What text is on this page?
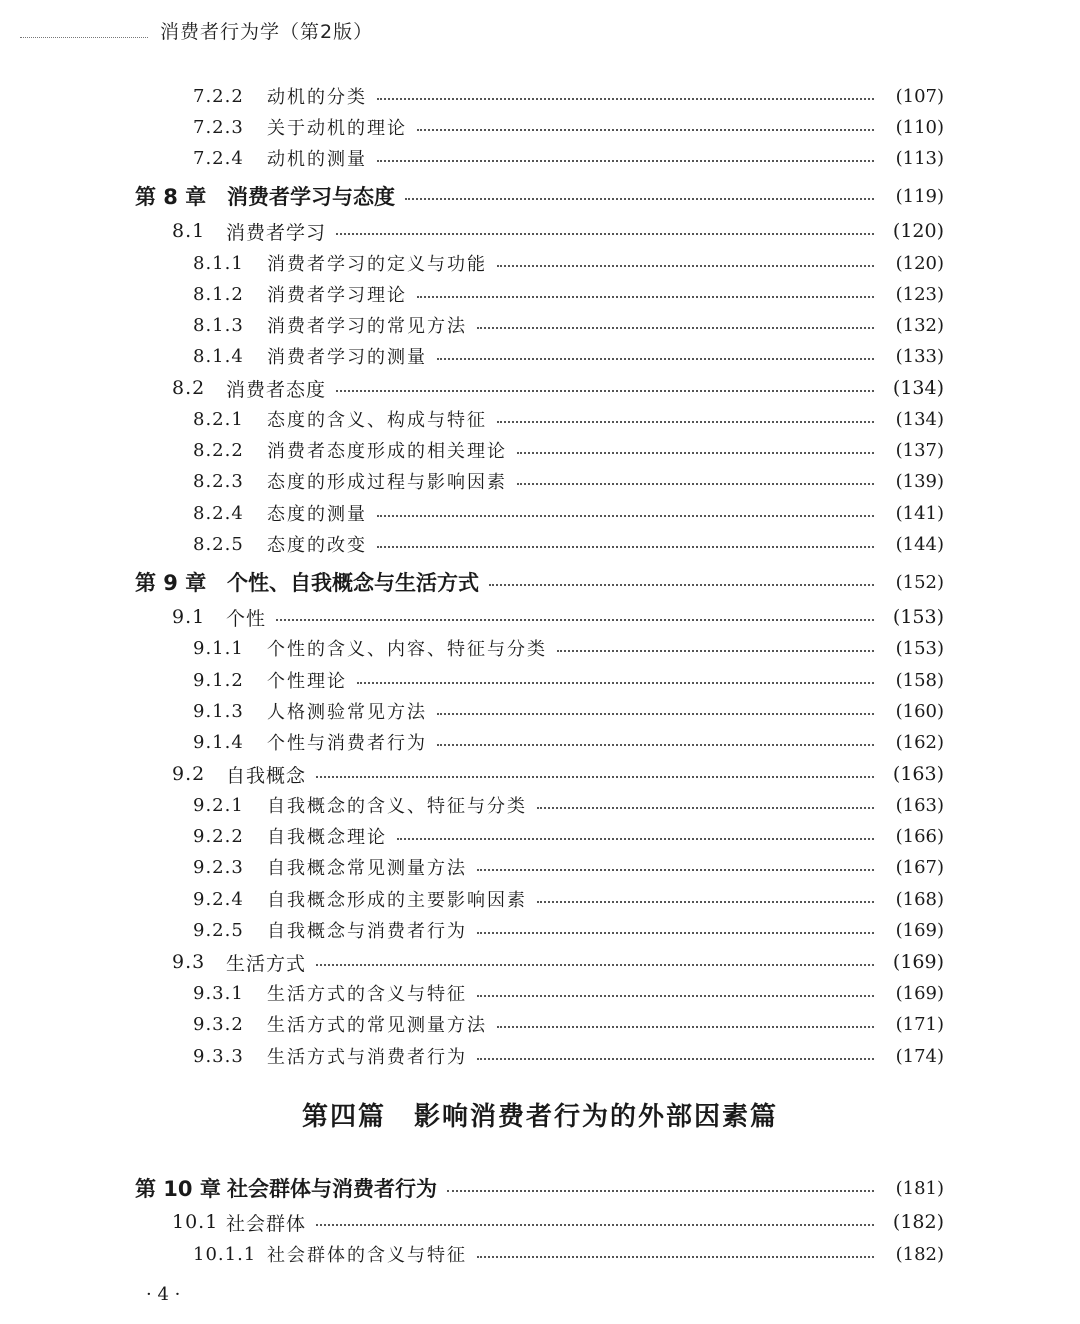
消费者行为学（第2版）
7.2.2	动机的分类	(107)
7.2.3	关于动机的理论	(110)
7.2.4	动机的测量	(113)
第 8 章 消费者学习与态度	(119)
8.1	消费者学习	(120)
8.1.1	消费者学习的定义与功能	(120)
8.1.2	消费者学习理论	(123)
8.1.3	消费者学习的常见方法	(132)
8.1.4	消费者学习的测量	(133)
8.2	消费者态度	(134)
8.2.1	态度的含义、构成与特征	(134)
8.2.2	消费者态度形成的相关理论	(137)
8.2.3	态度的形成过程与影响因素	(139)
8.2.4	态度的测量	(141)
8.2.5	态度的改变	(144)
第 9 章 个性、自我概念与生活方式	(152)
9.1	个性	(153)
9.1.1	个性的含义、内容、特征与分类	(153)
9.1.2	个性理论	(158)
9.1.3	人格测验常见方法	(160)
9.1.4	个性与消费者行为	(162)
9.2	自我概念	(163)
9.2.1	自我概念的含义、特征与分类	(163)
9.2.2	自我概念理论	(166)
9.2.3	自我概念常见测量方法	(167)
9.2.4	自我概念形成的主要影响因素	(168)
9.2.5	自我概念与消费者行为	(169)
9.3	生活方式	(169)
9.3.1	生活方式的含义与特征	(169)
9.3.2	生活方式的常见测量方法	(171)
9.3.3	生活方式与消费者行为	(174)
第 10 章 社会群体与消费者行为	(181)
10.1 社会群体	(182)
10.1.1 社会群体的含义与特征	(182)
第四篇 影响消费者行为的外部因素篇
· 4 ·
